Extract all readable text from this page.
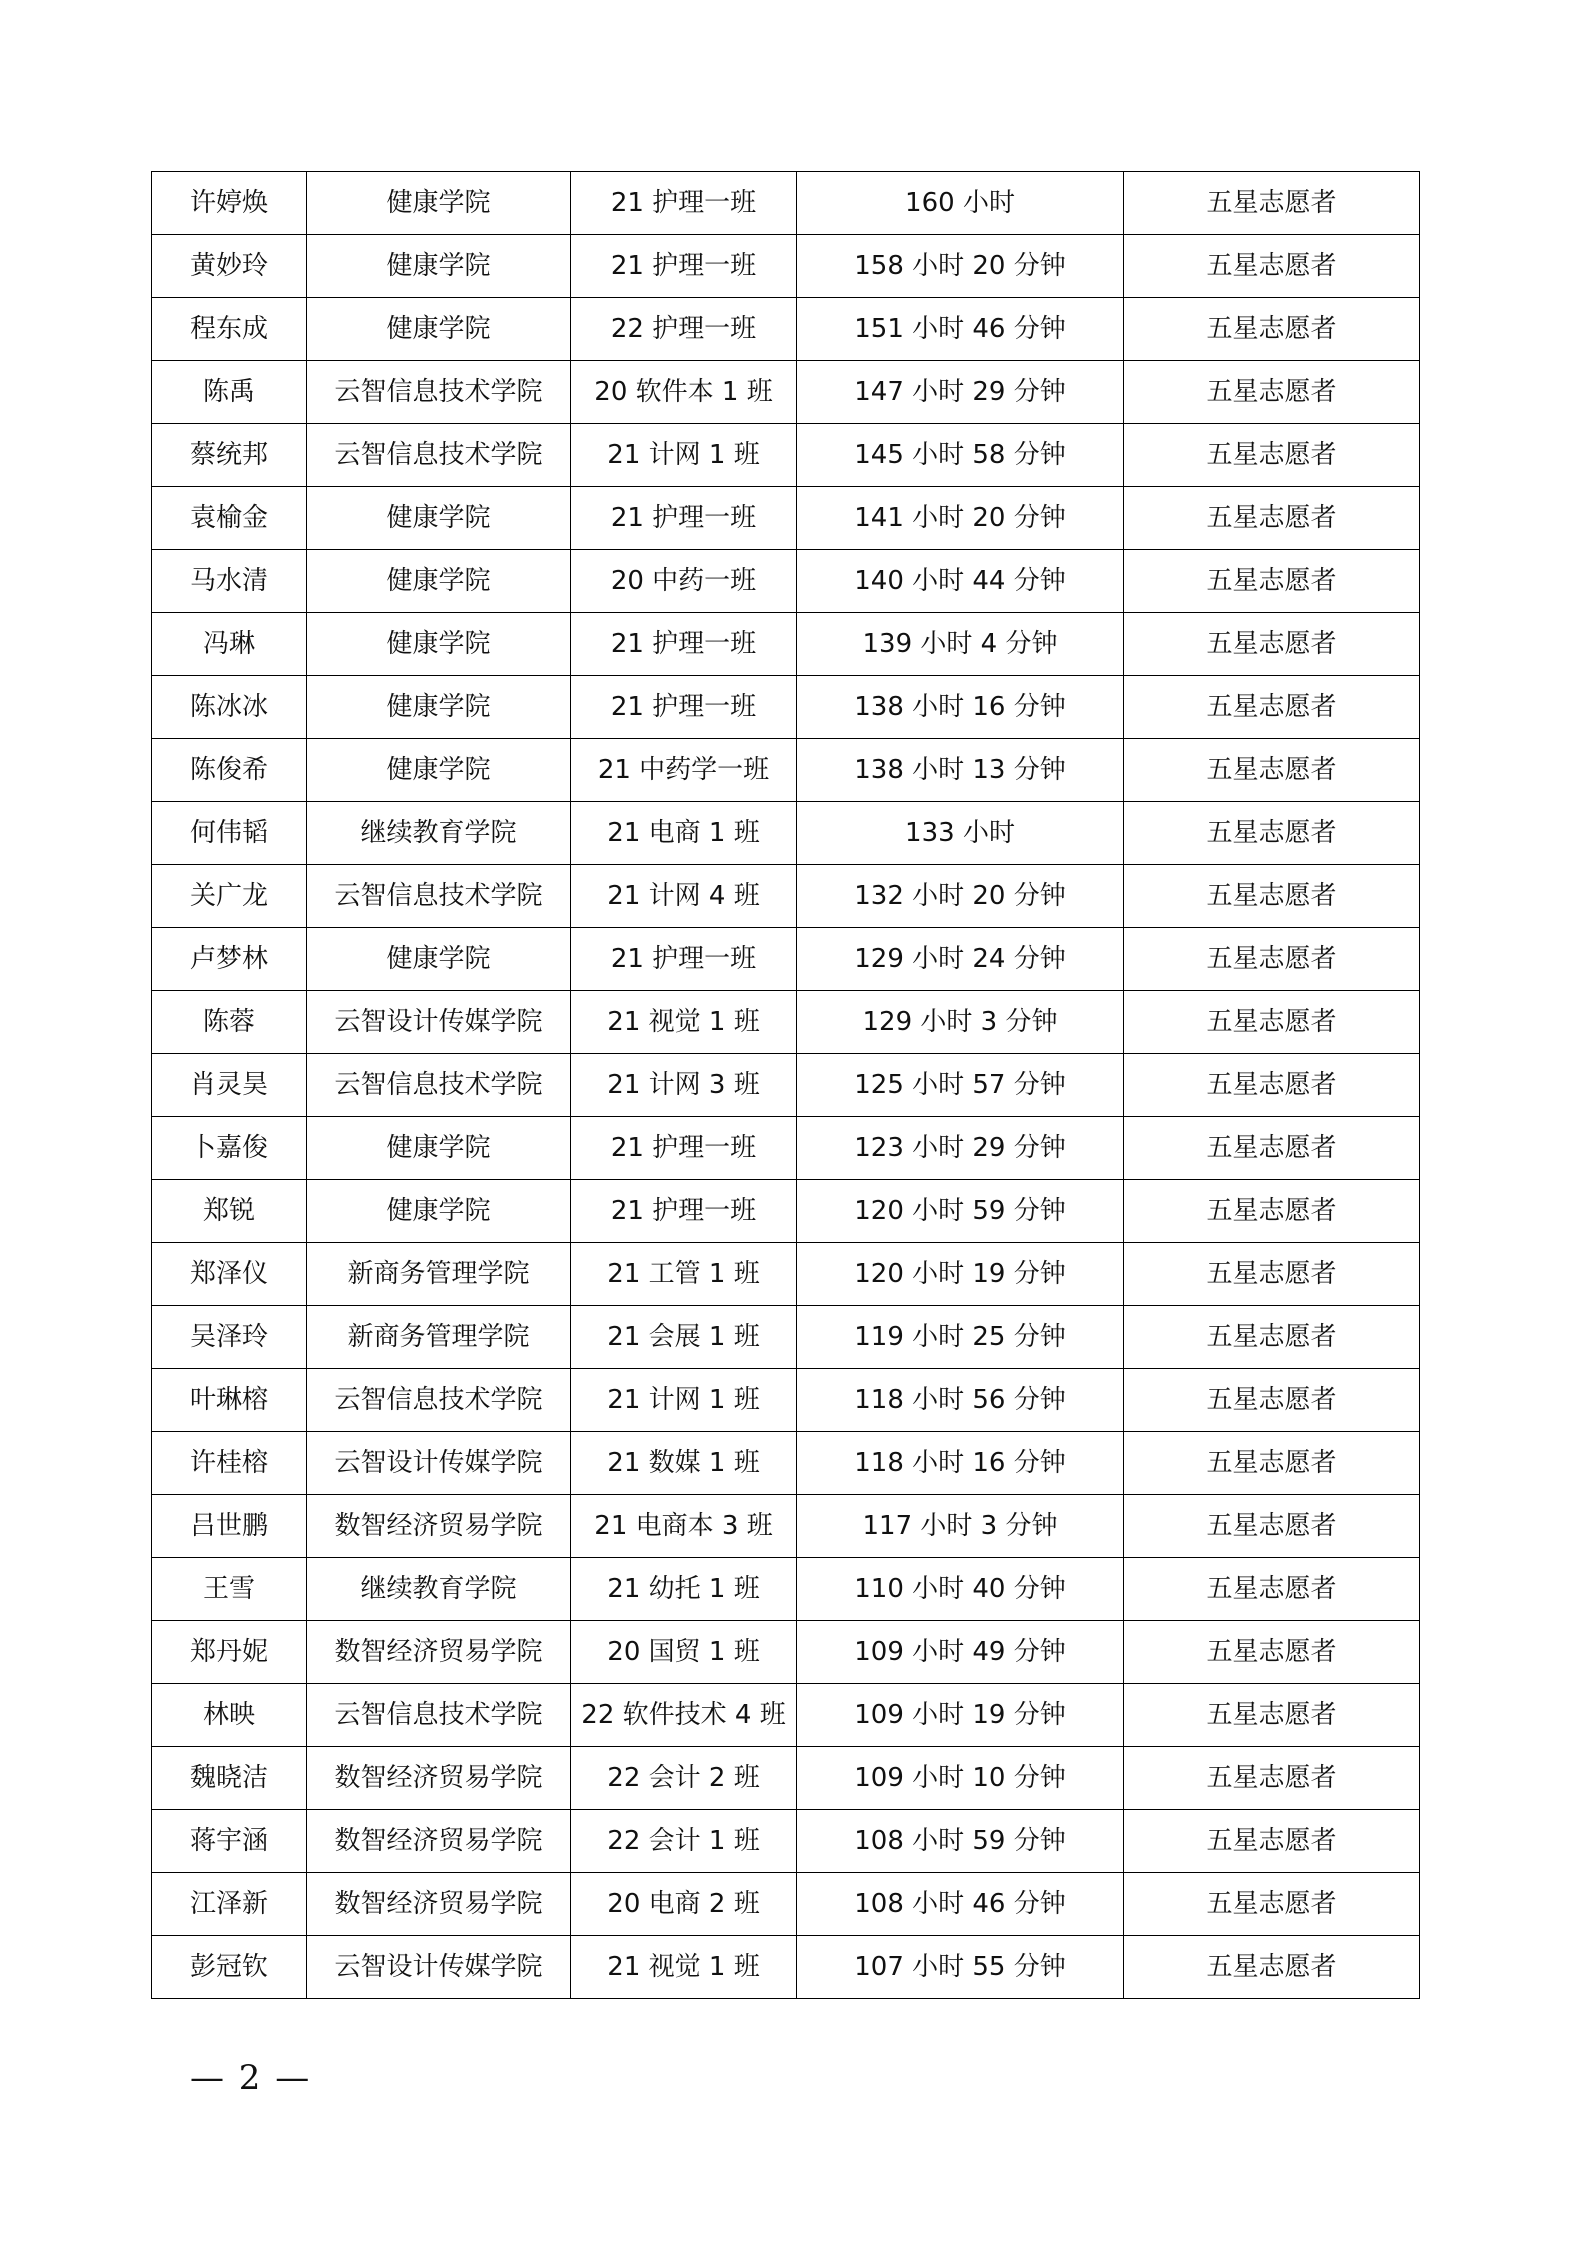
许婷焕	健康学院	21 护理一班	160 小时	五星志愿者
黄妙玲	健康学院	21 护理一班	158 小时 20 分钟	五星志愿者
程东成	健康学院	22 护理一班	151 小时 46 分钟	五星志愿者
陈禹	云智信息技术学院	20 软件本 1 班	147 小时 29 分钟	五星志愿者
蔡统邦	云智信息技术学院	21 计网 1 班	145 小时 58 分钟	五星志愿者
袁榆金	健康学院	21 护理一班	141 小时 20 分钟	五星志愿者
马水清	健康学院	20 中药一班	140 小时 44 分钟	五星志愿者
冯琳	健康学院	21 护理一班	139 小时 4 分钟	五星志愿者
陈冰冰	健康学院	21 护理一班	138 小时 16 分钟	五星志愿者
陈俊希	健康学院	21 中药学一班	138 小时 13 分钟	五星志愿者
何伟韬	继续教育学院	21 电商 1 班	133 小时	五星志愿者
关广龙	云智信息技术学院	21 计网 4 班	132 小时 20 分钟	五星志愿者
卢梦林	健康学院	21 护理一班	129 小时 24 分钟	五星志愿者
陈蓉	云智设计传媒学院	21 视觉 1 班	129 小时 3 分钟	五星志愿者
肖灵昊	云智信息技术学院	21 计网 3 班	125 小时 57 分钟	五星志愿者
卜嘉俊	健康学院	21 护理一班	123 小时 29 分钟	五星志愿者
郑锐	健康学院	21 护理一班	120 小时 59 分钟	五星志愿者
郑泽仪	新商务管理学院	21 工管 1 班	120 小时 19 分钟	五星志愿者
吴泽玲	新商务管理学院	21 会展 1 班	119 小时 25 分钟	五星志愿者
叶琳榕	云智信息技术学院	21 计网 1 班	118 小时 56 分钟	五星志愿者
许桂榕	云智设计传媒学院	21 数媒 1 班	118 小时 16 分钟	五星志愿者
吕世鹏	数智经济贸易学院	21 电商本 3 班	117 小时 3 分钟	五星志愿者
王雪	继续教育学院	21 幼托 1 班	110 小时 40 分钟	五星志愿者
郑丹妮	数智经济贸易学院	20 国贸 1 班	109 小时 49 分钟	五星志愿者
林映	云智信息技术学院	22 软件技术 4 班	109 小时 19 分钟	五星志愿者
魏晓洁	数智经济贸易学院	22 会计 2 班	109 小时 10 分钟	五星志愿者
蒋宇涵	数智经济贸易学院	22 会计 1 班	108 小时 59 分钟	五星志愿者
江泽新	数智经济贸易学院	20 电商 2 班	108 小时 46 分钟	五星志愿者
彭冠钦	云智设计传媒学院	21 视觉 1 班	107 小时 55 分钟	五星志愿者
— 2 —
